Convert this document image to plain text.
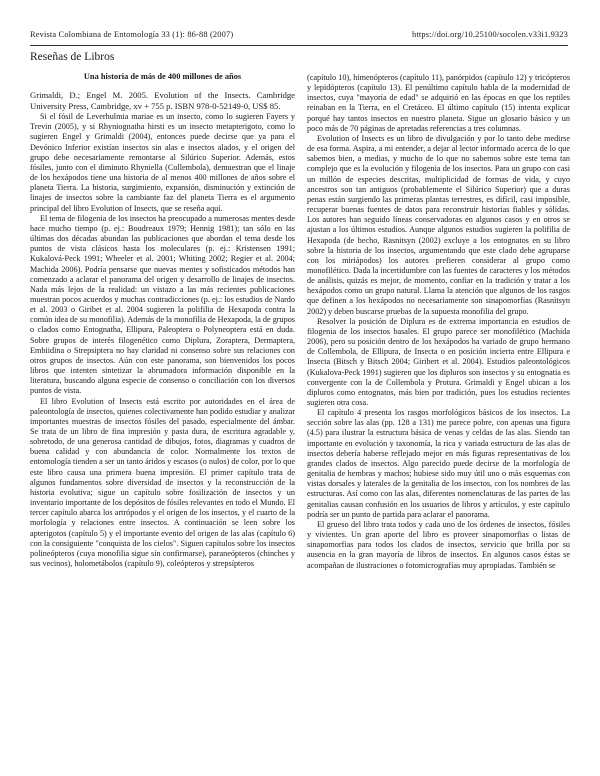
Revista Colombiana de Entomología 33 (1): 86-88 (2007)	https://doi.org/10.25100/socolen.v33i1.9323
Reseñas de Libros
Una historia de más de 400 millones de años

Grimaldi, D.; Engel M. 2005. Evolution of the Insects. Cambridge University Press, Cambridge, xv + 755 p. ISBN 978-0-52149-0, US$ 85.

Si el fósil de Leverhulmia mariae es un insecto, como lo sugieren Fayers y Trevin (2005), y si Rhyniognatha hirsti es un insecto metapterigoto, como lo sugieren Engel y Grimaldi (2004), entonces puede decirse que ya para el Devónico Inferior existían insectos sin alas e insectos alados, y el origen del grupo debe necesariamente remontarse al Silúrico Superior. Además, estos fósiles, junto con el diminuto Rhyniella (Collembola), demuestran que el linaje de los hexápodos tiene una historia de al menos 400 millones de años sobre el planeta Tierra. La historia, surgimiento, expansión, disminución y extinción de linajes de insectos sobre la cambiante faz del planeta Tierra es el argumento principal del libro Evolution of Insects, que se reseña aquí.

El tema de filogenia de los insectos ha preocupado a numerosas mentes desde hace mucho tiempo (p. ej.: Boudreaux 1979; Hennig 1981); tan sólo en las últimas dos décadas abundan las publicaciones que abordan el tema desde los puntos de vista clásicos hasta los moleculares (p. ej.: Kristensen 1991; Kukalová-Peck 1991; Wheeler et al. 2001; Whiting 2002; Regier et al. 2004; Machida 2006). Podría pensarse que nuevas mentes y sofisticados métodos han comenzado a aclarar el panorama del origen y desarrollo de linajes de insectos. Nada más lejos de la realidad: un vistazo a las más recientes publicaciones muestran pocos acuerdos y muchas contradicciones (p. ej.: los estudios de Nardo et al. 2003 o Giribet et al. 2004 sugieren la polifilia de Hexapoda contra la común idea de su monofilia). Además de la monofilia de Hexapoda, la de grupos o clados como Entognatha, Ellipura, Paleoptera o Polyneoptera está en duda. Sobre grupos de interés filogenético como Diplura, Zoraptera, Dermaptera, Embiidina o Strepsiptera no hay claridad ni consenso sobre sus relaciones con otros grupos de insectos. Aún con este panorama, son bienvenidos los pocos libros que intenten sintetizar la abrumadora información disponible en la literatura, buscando alguna especie de consenso o conciliación con los diversos puntos de vista.

El libro Evolution of Insects está escrito por autoridades en el área de paleontología de insectos, quienes colectivamente han podido estudiar y analizar importantes muestras de insectos fósiles del pasado, especialmente del ámbar. Se trata de un libro de fina impresión y pasta dura, de escritura agradable y, sobretodo, de una generosa cantidad de dibujos, fotos, diagramas y cuadros de buena calidad y con abundancia de color. Normalmente los textos de entomología tienden a ser un tanto áridos y escasos (o nulos) de color, por lo que este libro causa una primera buena impresión. El primer capítulo trata de algunos fundamentos sobre diversidad de insectos y la reconstrucción de la historia evolutiva; sigue un capítulo sobre fosilización de insectos y un inventario importante de los depósitos de fósiles relevantes en todo el Mundo. El tercer capítulo abarca los artrópodos y el origen de los insectos, y el cuarto de la morfología y relaciones entre insectos. A continuación se leen sobre los apterigotos (capítulo 5) y el importante evento del origen de las alas (capítulo 6) con la consiguiente "conquista de los cielos". Siguen capítulos sobre los insectos polineópteros (cuya monofilia sigue sin confirmarse), paraneópteros (chinches y sus vecinos), holometábolos (capítulo 9), coleópteros y strepsípteros

(capítulo 10), himenópteros (capítulo 11), panórpidos (capítulo 12) y tricópteros y lepidópteros (capítulo 13). El penúltimo capítulo habla de la modernidad de insectos, cuya "mayoría de edad" se adquirió en las épocas en que los reptiles reinaban en la Tierra, en el Cretáceo. El último capítulo (15) intenta explicar porqué hay tantos insectos en nuestro planeta. Sigue un glosario básico y un poco más de 70 páginas de apretadas referencias a tres columnas.

Evolution of Insects es un libro de divulgación y por lo tanto debe medirse de esa forma. Aspira, a mi entender, a dejar al lector informado acerca de lo que sabemos bien, a medias, y mucho de lo que no sabemos sobre este tema tan complejo que es la evolución y filogenia de los insectos. Para un grupo con casi un millón de especies descritas, multiplicidad de formas de vida, y cuyo ancestros son tan antiguos (probablemente el Silúrico Superior) que a duras penas están surgiendo las primeras plantas terrestres, es difícil, casi imposible, recuperar buenas fuentes de datos para reconstruir historias fiables y sólidas. Los autores han seguido líneas conservadoras en algunos casos y en otros se ajustan a los últimos estudios. Aunque algunos estudios sugieren la polifilia de Hexapoda (de hecho, Rasnitsyn (2002) excluye a los entognatos en su libro sobre la historia de los insectos, argumentando que este clado debe agruparse con los miriápodos) los autores prefieren considerar al grupo como monofilético. Dada la incertidumbre con las fuentes de caracteres y los métodos de análisis, quizás es mejor, de momento, confiar en la tradición y tratar a los hexápodos como un grupo natural. Llama la atención que algunos de los rasgos que definen a los hexápodos no necesariamente son sinapomorfias (Rasnitsyn 2002) y deben buscarse pruebas de la supuesta monofilia del grupo.

Resolver la posición de Diplura es de extrema importancia en estudios de filogenia de los insectos basales. El grupo parece ser monofilético (Machida 2006), pero su posición dentro de los hexápodos ha variado de grupo hermano de Collembola, de Ellipura, de Insecta o en posición incierta entre Ellipura e Insecta (Bitsch y Bitsch 2004; Giribert et al. 2004). Estudios paleontológicos (Kukalova-Peck 1991) sugieren que los dipluros son insectos y su entognatia es convergente con la de Collembola y Protura. Grimaldi y Engel ubican a los dipluros como entognatos, más bien por tradición, pues los estudios recientes sugieren otra cosa.

El capítulo 4 presenta los rasgos morfológicos básicos de los insectos. La sección sobre las alas (pp. 128 a 131) me parece pobre, con apenas una figura (4.5) para ilustrar la estructura básica de venas y celdas de las alas. Siendo tan importante en evolución y taxonomía, la rica y variada estructura de las alas de insectos debería haberse reflejado mejor en más figuras representativas de los grandes clados de insectos. Algo parecido puede decirse de la morfología de genitalia de hembras y machos; hubiese sido muy útil uno o más esquemas con vistas dorsales y laterales de la genitalia de los insectos, con los nombres de las estructuras. Así como con las alas, diferentes nomenclaturas de las partes de las genitalias causan confusión en los usuarios de libros y artículos, y este capítulo podría ser un punto de partida para aclarar el panorama.

El grueso del libro trata todos y cada uno de los órdenes de insectos, fósiles y vivientes. Un gran aporte del libro es proveer sinapomorfias o listas de sinapomorfias para todos los clados de insectos, servicio que brilla por su ausencia en la gran mayoría de libros de insectos. En algunos casos éstas se acompañan de ilustraciones o fotomicrografías muy apropiadas. También se
